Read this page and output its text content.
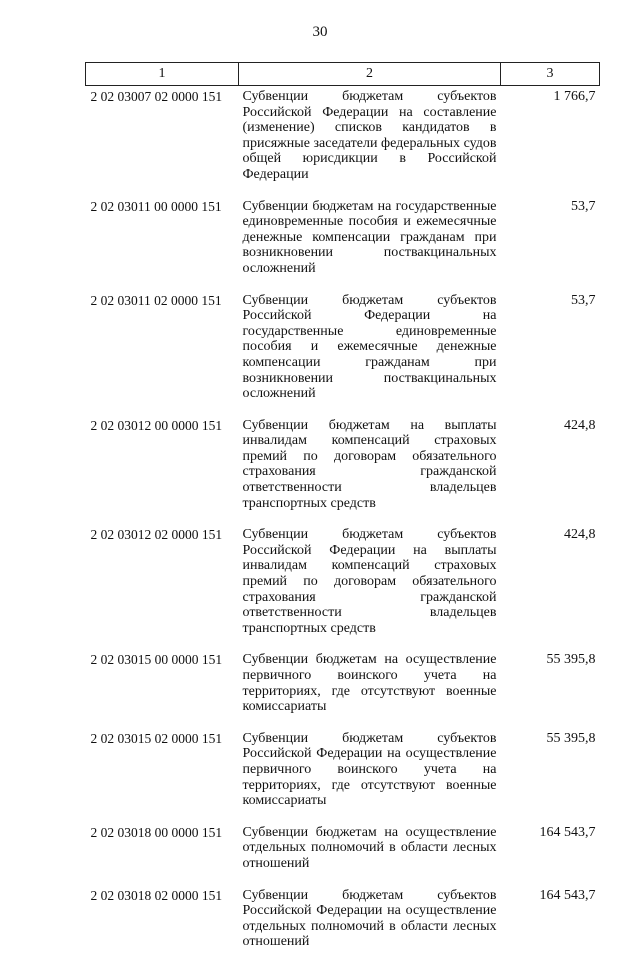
30
1	2	3
2 02 03007 02 0000 151	Субвенции бюджетам субъектов Российской Федерации на составление (изменение) списков кандидатов в присяжные заседатели федеральных судов общей юрисдикции в Российской Федерации	1 766,7
2 02 03011 00 0000 151	Субвенции бюджетам на государственные единовременные пособия и ежемесячные денежные компенсации гражданам при возникновении поствакцинальных осложнений	53,7
2 02 03011 02 0000 151	Субвенции бюджетам субъектов Российской Федерации на государственные единовременные пособия и ежемесячные денежные компенсации гражданам при возникновении поствакцинальных осложнений	53,7
2 02 03012 00 0000 151	Субвенции бюджетам на выплаты инвалидам компенсаций страховых премий по договорам обязательного страхования гражданской ответственности владельцев транспортных средств	424,8
2 02 03012 02 0000 151	Субвенции бюджетам субъектов Российской Федерации на выплаты инвалидам компенсаций страховых премий по договорам обязательного страхования гражданской ответственности владельцев транспортных средств	424,8
2 02 03015 00 0000 151	Субвенции бюджетам на осуществление первичного воинского учета на территориях, где отсутствуют военные комиссариаты	55 395,8
2 02 03015 02 0000 151	Субвенции бюджетам субъектов Российской Федерации на осуществление первичного воинского учета на территориях, где отсутствуют военные комиссариаты	55 395,8
2 02 03018 00 0000 151	Субвенции бюджетам на осуществление отдельных полномочий в области лесных отношений	164 543,7
2 02 03018 02 0000 151	Субвенции бюджетам субъектов Российской Федерации на осуществление отдельных полномочий в области лесных отношений	164 543,7
